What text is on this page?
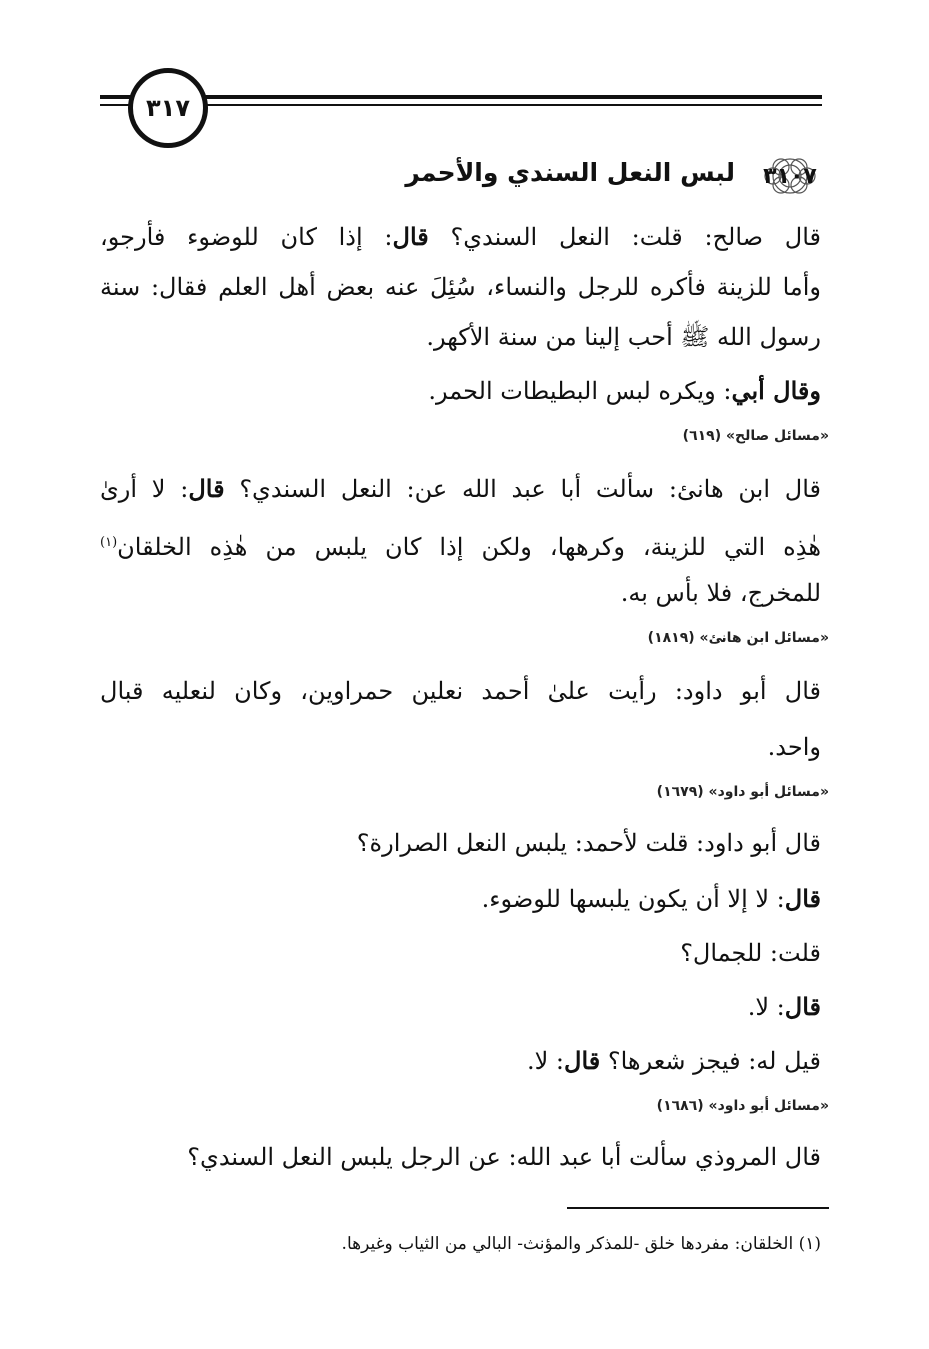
٣١٧
٣١٠٧
لبس النعل السندي والأحمر
قال صالح: قلت: النعل السندي؟ قال: إذا كان للوضوء فأرجو،
وأما للزينة فأكره للرجل والنساء، سُئِلَ عنه بعض أهل العلم فقال: سنة
رسول الله ﷺ أحب إلينا من سنة الأكهر.
وقال أبي: ويكره لبس البطيطات الحمر.
«مسائل صالح» (٦١٩)
قال ابن هانئ: سألت أبا عبد الله عن: النعل السندي؟ قال: لا أرىٰ
هٰذِه التي للزينة، وكرهها، ولكن إذا كان يلبس من هٰذِه الخلقان$^{(١)}$
للمخرج، فلا بأس به.
«مسائل ابن هانئ» (١٨١٩)
قال أبو داود: رأيت علىٰ أحمد نعلين حمراوين، وكان لنعليه قبال
واحد.
«مسائل أبو داود» (١٦٧٩)
قال أبو داود: قلت لأحمد: يلبس النعل الصرارة؟
قال: لا إلا أن يكون يلبسها للوضوء.
قلت: للجمال؟
قال: لا.
قيل له: فيجز شعرها؟ قال: لا.
«مسائل أبو داود» (١٦٨٦)
قال المروذي سألت أبا عبد الله: عن الرجل يلبس النعل السندي؟
(١) الخلقان: مفردها خلق -للمذكر والمؤنث- البالي من الثياب وغيرها.
